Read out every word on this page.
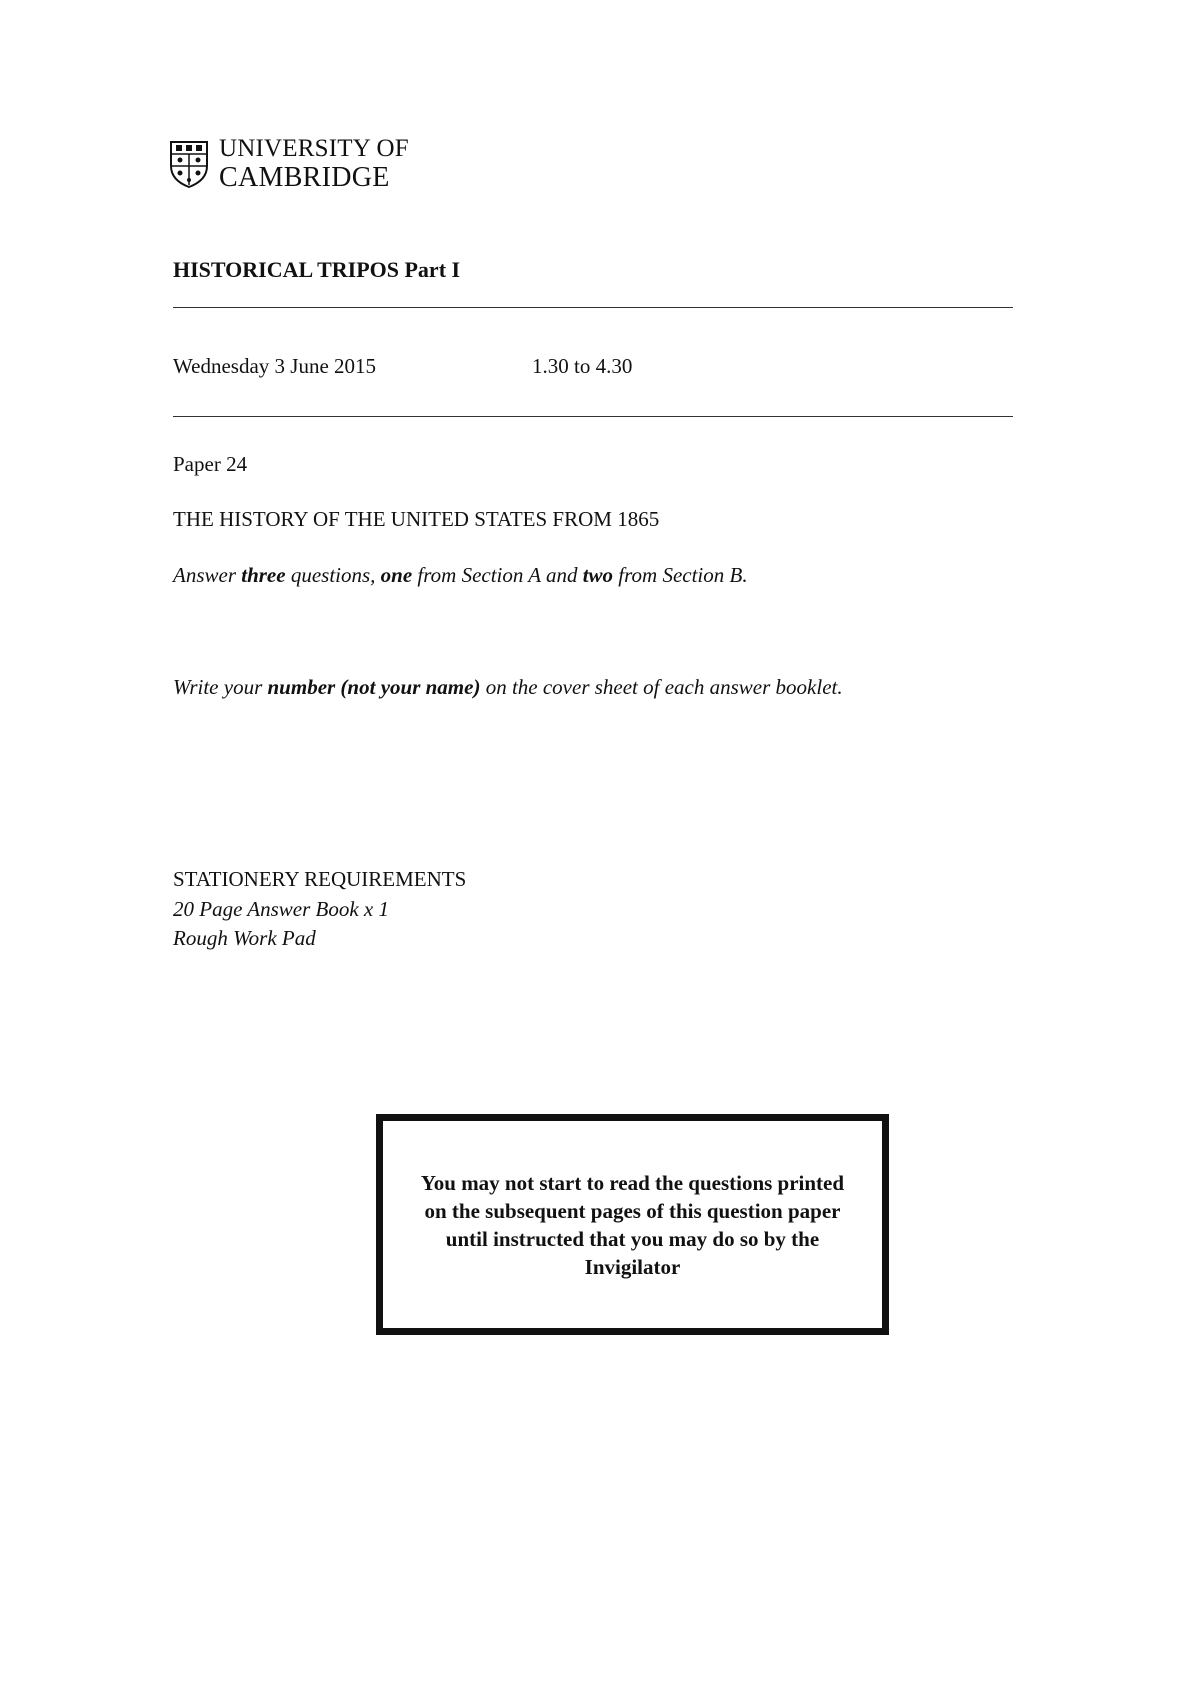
UNIVERSITY OF
CAMBRIDGE
HISTORICAL TRIPOS Part I
Wednesday 3 June 2015	1.30 to 4.30
Paper 24
THE HISTORY OF THE UNITED STATES FROM 1865
Answer three questions, one from Section A and two from Section B.
Write your number (not your name) on the cover sheet of each answer booklet.
STATIONERY REQUIREMENTS
20 Page Answer Book x 1
Rough Work Pad
You may not start to read the questions printed on the subsequent pages of this question paper until instructed that you may do so by the Invigilator
